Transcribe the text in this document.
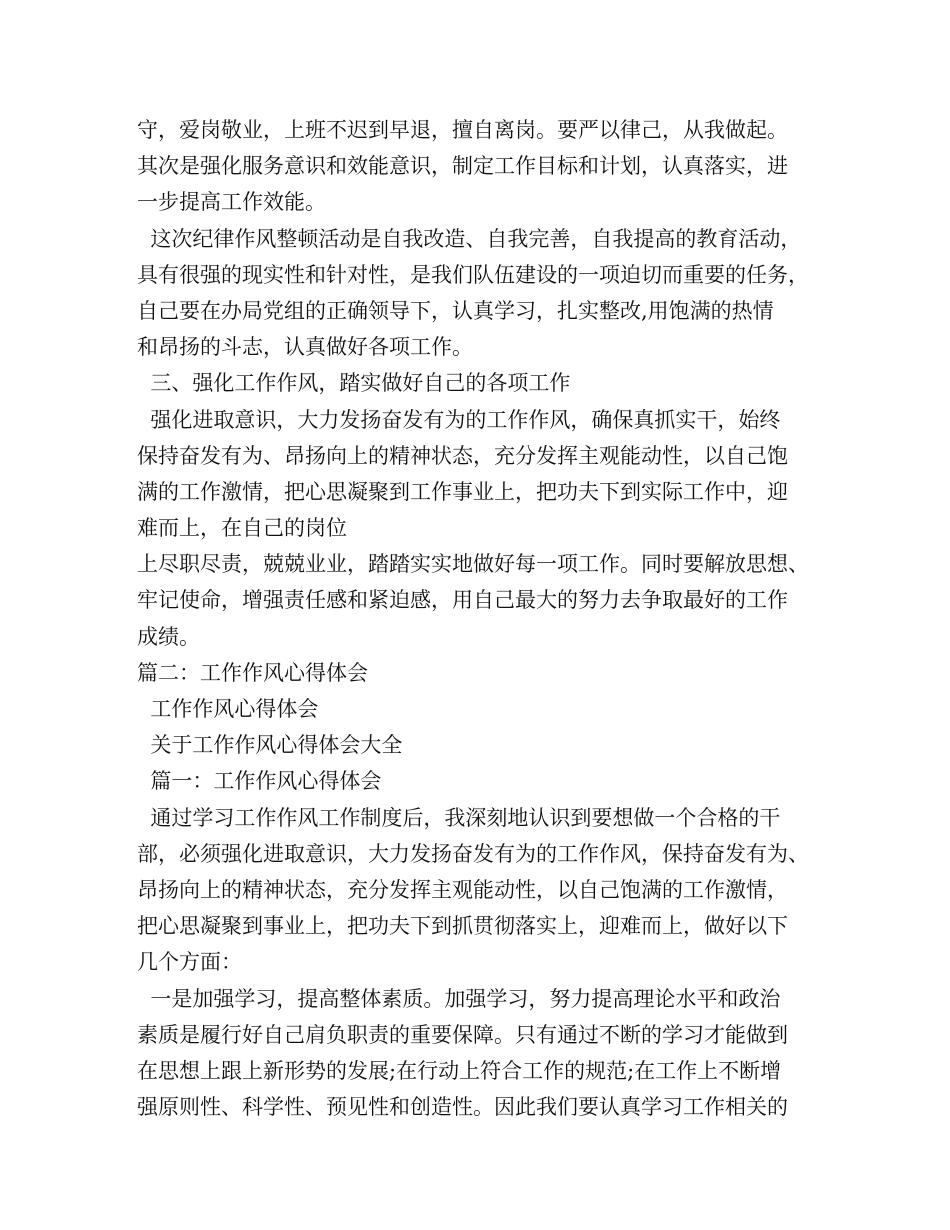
守，爱岗敬业，上班不迟到早退，擅自离岗。要严以律己，从我做起。
其次是强化服务意识和效能意识，制定工作目标和计划，认真落实，进
一步提高工作效能。
这次纪律作风整顿活动是自我改造、自我完善，自我提高的教育活动，
具有很强的现实性和针对性，是我们队伍建设的一项迫切而重要的任务，
自己要在办局党组的正确领导下，认真学习，扎实整改,用饱满的热情
和昂扬的斗志，认真做好各项工作。
三、强化工作作风，踏实做好自己的各项工作
强化进取意识，大力发扬奋发有为的工作作风，确保真抓实干，始终
保持奋发有为、昂扬向上的精神状态，充分发挥主观能动性，以自己饱
满的工作激情，把心思凝聚到工作事业上，把功夫下到实际工作中，迎
难而上，在自己的岗位
上尽职尽责，兢兢业业，踏踏实实地做好每一项工作。同时要解放思想、
牢记使命，增强责任感和紧迫感，用自己最大的努力去争取最好的工作
成绩。
篇二：工作作风心得体会
工作作风心得体会
关于工作作风心得体会大全
篇一：工作作风心得体会
通过学习工作作风工作制度后，我深刻地认识到要想做一个合格的干
部，必须强化进取意识，大力发扬奋发有为的工作作风，保持奋发有为、
昂扬向上的精神状态，充分发挥主观能动性，以自己饱满的工作激情，
把心思凝聚到事业上，把功夫下到抓贯彻落实上，迎难而上，做好以下
几个方面：
一是加强学习，提高整体素质。加强学习，努力提高理论水平和政治
素质是履行好自己肩负职责的重要保障。只有通过不断的学习才能做到
在思想上跟上新形势的发展;在行动上符合工作的规范;在工作上不断增
强原则性、科学性、预见性和创造性。因此我们要认真学习工作相关的
